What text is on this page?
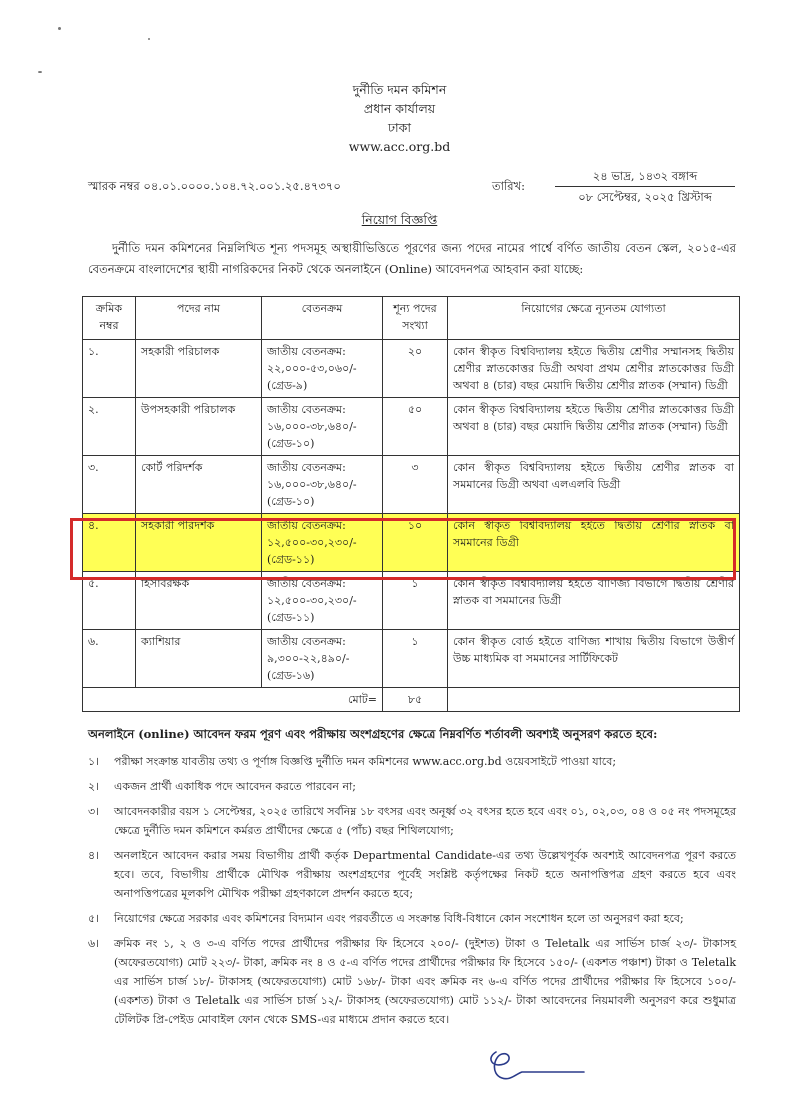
দুর্নীতি দমন কমিশন
প্রধান কার্যালয়
ঢাকা
www.acc.org.bd
স্মারক নম্বর ০৪.০১.০০০০.১০৪.৭২.০০১.২৫.৪৭৩৭০	তারিখ:
২৪ ভাদ্র, ১৪৩২ বঙ্গাব্দ
০৮ সেপ্টেম্বর, ২০২৫ খ্রিস্টাব্দ
নিয়োগ বিজ্ঞপ্তি
দুর্নীতি দমন কমিশনের নিম্নলিখিত শূন্য পদসমূহ অস্থায়ীভিত্তিতে পূরণের জন্য পদের নামের পার্শ্বে বর্ণিত জাতীয় বেতন স্কেল, ২০১৫-এর বেতনক্রমে বাংলাদেশের স্থায়ী নাগরিকদের নিকট থেকে অনলাইনে (Online) আবেদনপত্র আহবান করা যাচ্ছে:
ক্রমিক নম্বর	পদের নাম	বেতনক্রম	শূন্য পদের সংখ্যা	নিয়োগের ক্ষেত্রে ন্যূনতম যোগ্যতা
১.	সহকারী পরিচালক	জাতীয় বেতনক্রম: ২২,০০০-৫৩,০৬০/- (গ্রেড-৯)	২০	কোন স্বীকৃত বিশ্ববিদ্যালয় হইতে দ্বিতীয় শ্রেণীর সম্মানসহ দ্বিতীয় শ্রেণীর স্নাতকোত্তর ডিগ্রী অথবা প্রথম শ্রেণীর স্নাতকোত্তর ডিগ্রী অথবা ৪ (চার) বছর মেয়াদি দ্বিতীয় শ্রেণীর স্নাতক (সম্মান) ডিগ্রী
২.	উপসহকারী পরিচালক	জাতীয় বেতনক্রম: ১৬,০০০-৩৮,৬৪০/- (গ্রেড-১০)	৫০	কোন স্বীকৃত বিশ্ববিদ্যালয় হইতে দ্বিতীয় শ্রেণীর স্নাতকোত্তর ডিগ্রী অথবা ৪ (চার) বছর মেয়াদি দ্বিতীয় শ্রেণীর স্নাতক (সম্মান) ডিগ্রী
৩.	কোর্ট পরিদর্শক	জাতীয় বেতনক্রম: ১৬,০০০-৩৮,৬৪০/- (গ্রেড-১০)	৩	কোন স্বীকৃত বিশ্ববিদ্যালয় হইতে দ্বিতীয় শ্রেণীর স্নাতক বা সমমানের ডিগ্রী অথবা এলএলবি ডিগ্রী
৪.	সহকারী পরিদর্শক	জাতীয় বেতনক্রম: ১২,৫০০-৩০,২৩০/- (গ্রেড-১১)	১০	কোন স্বীকৃত বিশ্ববিদ্যালয় হইতে দ্বিতীয় শ্রেণীর স্নাতক বা সমমানের ডিগ্রী
৫.	হিসাবরক্ষক	জাতীয় বেতনক্রম: ১২,৫০০-৩০,২৩০/- (গ্রেড-১১)	১	কোন স্বীকৃত বিশ্ববিদ্যালয় হইতে বাণিজ্য বিভাগে দ্বিতীয় শ্রেণীর স্নাতক বা সমমানের ডিগ্রী
৬.	ক্যাশিয়ার	জাতীয় বেতনক্রম: ৯,৩০০-২২,৪৯০/- (গ্রেড-১৬)	১	কোন স্বীকৃত বোর্ড হইতে বাণিজ্য শাখায় দ্বিতীয় বিভাগে উত্তীর্ণ উচ্চ মাধ্যমিক বা সমমানের সার্টিফিকেট
মোট=			৮৫	
অনলাইনে (online) আবেদন ফরম পূরণ এবং পরীক্ষায় অংশগ্রহণের ক্ষেত্রে নিম্নবর্ণিত শর্তাবলী অবশ্যই অনুসরণ করতে হবে:
১। পরীক্ষা সংক্রান্ত যাবতীয় তথ্য ও পূর্ণাঙ্গ বিজ্ঞপ্তি দুর্নীতি দমন কমিশনের www.acc.org.bd ওয়েবসাইটে পাওয়া যাবে;
২। একজন প্রার্থী একাধিক পদে আবেদন করতে পারবেন না;
৩। আবেদনকারীর বয়স ১ সেপ্টেম্বর, ২০২৫ তারিখে সর্বনিম্ন ১৮ বৎসর এবং অনূর্ধ্ব ৩২ বৎসর হতে হবে এবং ০১, ০২,০৩, ০৪ ও ০৫ নং পদসমূহের ক্ষেত্রে দুর্নীতি দমন কমিশনে কর্মরত প্রার্থীদের ক্ষেত্রে ৫ (পাঁচ) বছর শিথিলযোগ্য;
৪। অনলাইনে আবেদন করার সময় বিভাগীয় প্রার্থী কর্তৃক Departmental Candidate-এর তথ্য উল্লেখপূর্বক অবশ্যই আবেদনপত্র পূরণ করতে হবে। তবে, বিভাগীয় প্রার্থীকে মৌখিক পরীক্ষায় অংশগ্রহণের পূর্বেই সংশ্লিষ্ট কর্তৃপক্ষের নিকট হতে অনাপত্তিপত্র গ্রহণ করতে হবে এবং অনাপত্তিপত্রের মূলকপি মৌখিক পরীক্ষা গ্রহণকালে প্রদর্শন করতে হবে;
৫। নিয়োগের ক্ষেত্রে সরকার এবং কমিশনের বিদ্যমান এবং পরবর্তীতে এ সংক্রান্ত বিধি-বিধানে কোন সংশোধন হলে তা অনুসরণ করা হবে;
৬। ক্রমিক নং ১, ২ ও ৩-এ বর্ণিত পদের প্রার্থীদের পরীক্ষার ফি হিসেবে ২০০/- (দুইশত) টাকা ও Teletalk এর সার্ভিস চার্জ ২৩/- টাকাসহ (অফেরতযোগ্য) মোট ২২৩/- টাকা, ক্রমিক নং ৪ ও ৫-এ বর্ণিত পদের প্রার্থীদের পরীক্ষার ফি হিসেবে ১৫০/- (একশত পঞ্চাশ) টাকা ও Teletalk এর সার্ভিস চার্জ ১৮/- টাকাসহ (অফেরতযোগ্য) মোট ১৬৮/- টাকা এবং ক্রমিক নং ৬-এ বর্ণিত পদের প্রার্থীদের পরীক্ষার ফি হিসেবে ১০০/- (একশত) টাকা ও Teletalk এর সার্ভিস চার্জ ১২/- টাকাসহ (অফেরতযোগ্য) মোট ১১২/- টাকা আবেদনের নিয়মাবলী অনুসরণ করে শুধুমাত্র টেলিটক প্রি-পেইড মোবাইল ফোন থেকে SMS-এর মাধ্যমে প্রদান করতে হবে।
